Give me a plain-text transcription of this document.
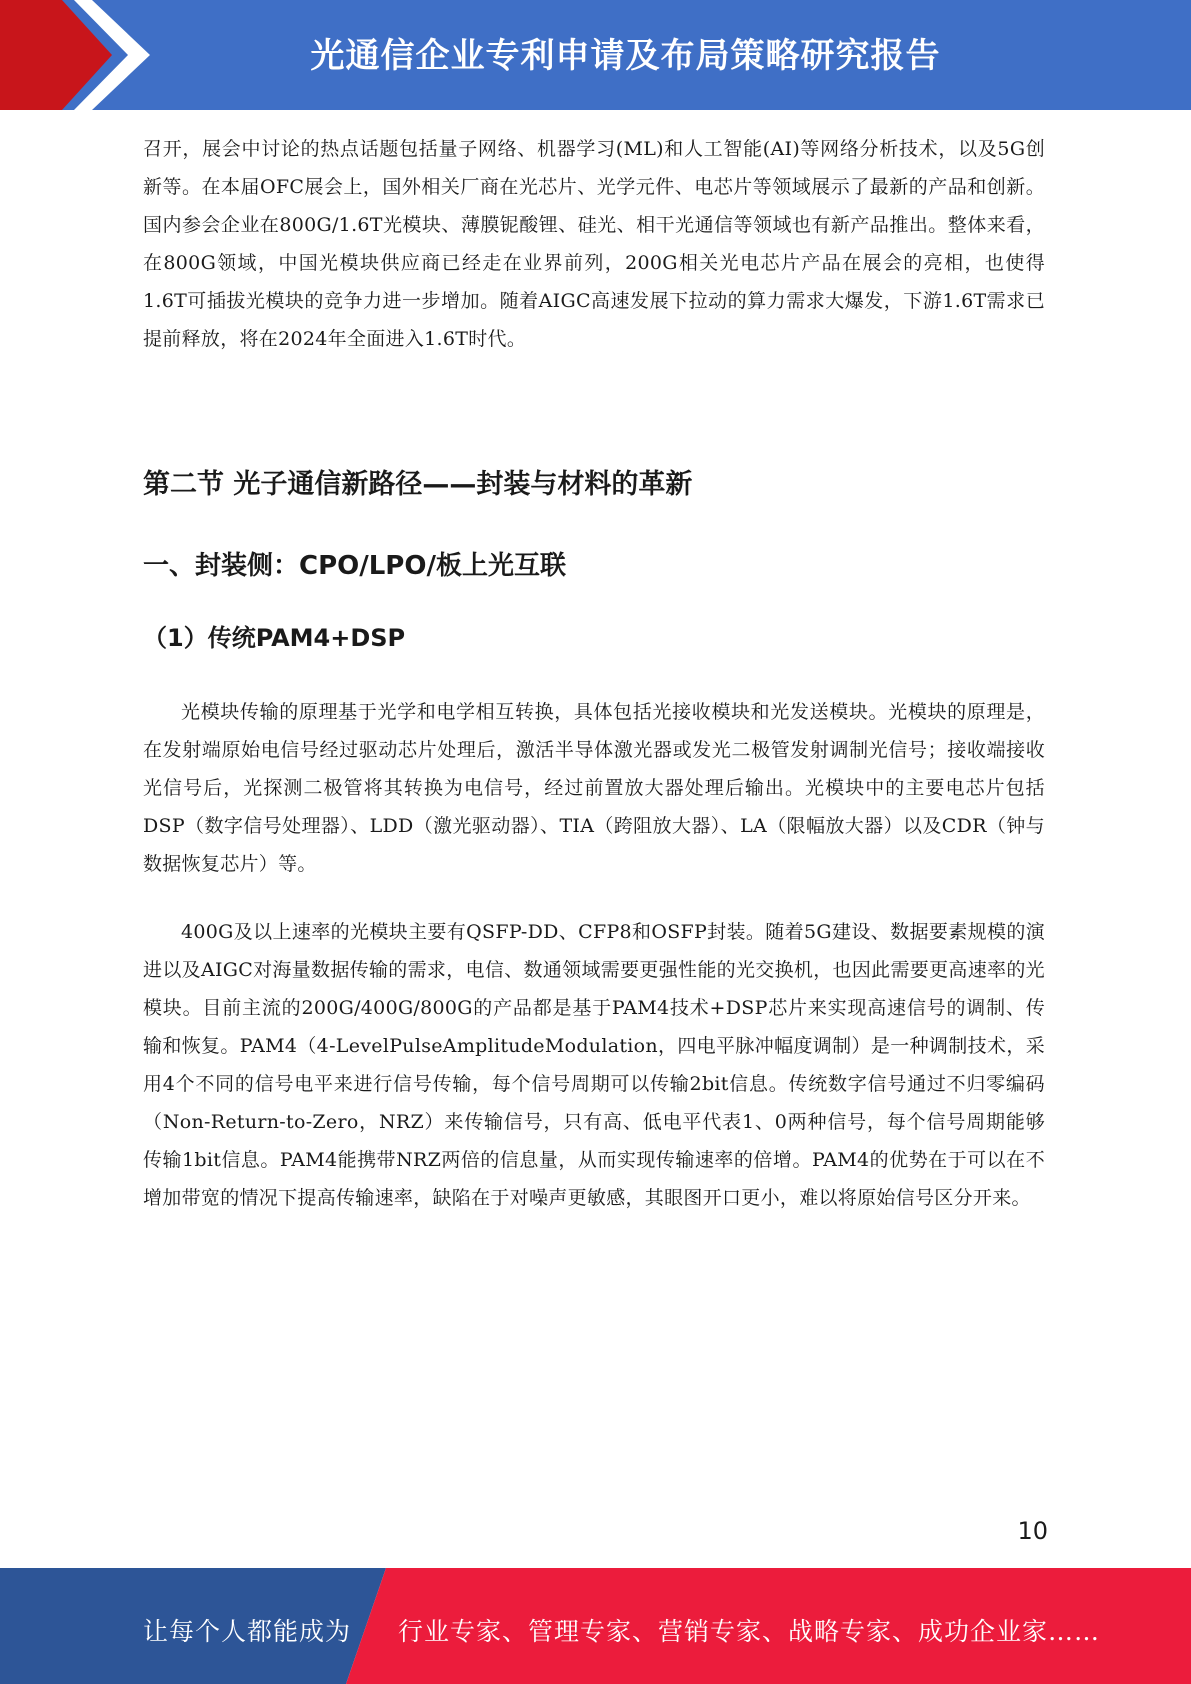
光通信企业专利申请及布局策略研究报告

召开，展会中讨论的热点话题包括量子网络、机器学习(ML)和人工智能(AI)等网络分析技术，以及5G创新等。在本届OFC展会上，国外相关厂商在光芯片、光学元件、电芯片等领域展示了最新的产品和创新。国内参会企业在800G/1.6T光模块、薄膜铌酸锂、硅光、相干光通信等领域也有新产品推出。整体来看，在800G领域，中国光模块供应商已经走在业界前列，200G相关光电芯片产品在展会的亮相，也使得1.6T可插拔光模块的竞争力进一步增加。随着AIGC高速发展下拉动的算力需求大爆发，下游1.6T需求已提前释放，将在2024年全面进入1.6T时代。

第二节 光子通信新路径——封装与材料的革新
一、封装侧：CPO/LPO/板上光互联
（1）传统PAM4+DSP

光模块传输的原理基于光学和电学相互转换，具体包括光接收模块和光发送模块。光模块的原理是，在发射端原始电信号经过驱动芯片处理后，激活半导体激光器或发光二极管发射调制光信号；接收端接收光信号后，光探测二极管将其转换为电信号，经过前置放大器处理后输出。光模块中的主要电芯片包括DSP（数字信号处理器）、LDD（激光驱动器）、TIA（跨阻放大器）、LA（限幅放大器）以及CDR（钟与数据恢复芯片）等。

400G及以上速率的光模块主要有QSFP-DD、CFP8和OSFP封装。随着5G建设、数据要素规模的演进以及AIGC对海量数据传输的需求，电信、数通领域需要更强性能的光交换机，也因此需要更高速率的光模块。目前主流的200G/400G/800G的产品都是基于PAM4技术+DSP芯片来实现高速信号的调制、传输和恢复。PAM4（4-LevelPulseAmplitudeModulation，四电平脉冲幅度调制）是一种调制技术，采用4个不同的信号电平来进行信号传输，每个信号周期可以传输2bit信息。传统数字信号通过不归零编码（Non-Return-to-Zero，NRZ）来传输信号，只有高、低电平代表1、0两种信号，每个信号周期能够传输1bit信息。PAM4能携带NRZ两倍的信息量，从而实现传输速率的倍增。PAM4的优势在于可以在不增加带宽的情况下提高传输速率，缺陷在于对噪声更敏感，其眼图开口更小，难以将原始信号区分开来。

10
让每个人都能成为 行业专家、管理专家、营销专家、战略专家、成功企业家……
